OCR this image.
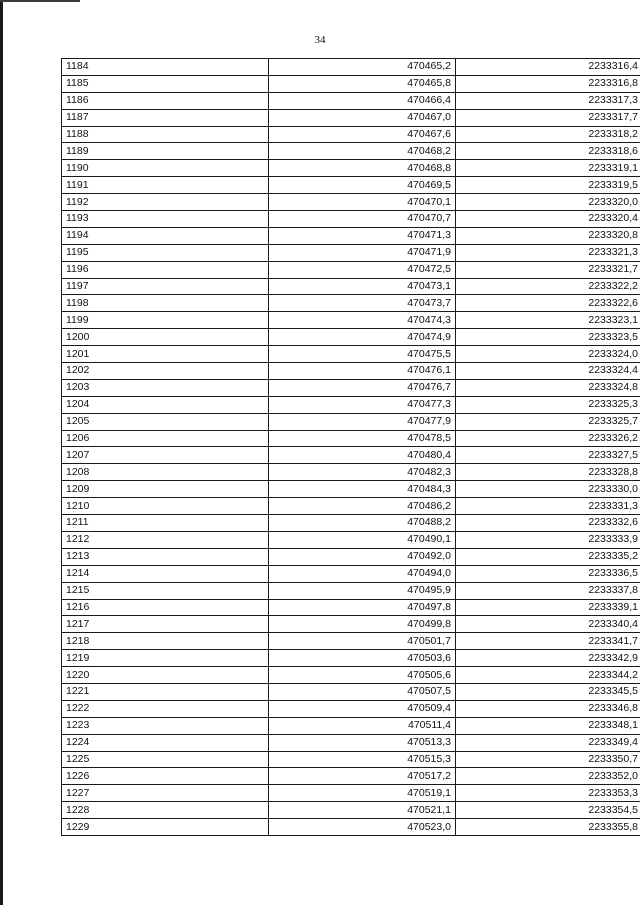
34
1184	470465,2	2233316,4
1185	470465,8	2233316,8
1186	470466,4	2233317,3
1187	470467,0	2233317,7
1188	470467,6	2233318,2
1189	470468,2	2233318,6
1190	470468,8	2233319,1
1191	470469,5	2233319,5
1192	470470,1	2233320,0
1193	470470,7	2233320,4
1194	470471,3	2233320,8
1195	470471,9	2233321,3
1196	470472,5	2233321,7
1197	470473,1	2233322,2
1198	470473,7	2233322,6
1199	470474,3	2233323,1
1200	470474,9	2233323,5
1201	470475,5	2233324,0
1202	470476,1	2233324,4
1203	470476,7	2233324,8
1204	470477,3	2233325,3
1205	470477,9	2233325,7
1206	470478,5	2233326,2
1207	470480,4	2233327,5
1208	470482,3	2233328,8
1209	470484,3	2233330,0
1210	470486,2	2233331,3
1211	470488,2	2233332,6
1212	470490,1	2233333,9
1213	470492,0	2233335,2
1214	470494,0	2233336,5
1215	470495,9	2233337,8
1216	470497,8	2233339,1
1217	470499,8	2233340,4
1218	470501,7	2233341,7
1219	470503,6	2233342,9
1220	470505,6	2233344,2
1221	470507,5	2233345,5
1222	470509,4	2233346,8
1223	470511,4	2233348,1
1224	470513,3	2233349,4
1225	470515,3	2233350,7
1226	470517,2	2233352,0
1227	470519,1	2233353,3
1228	470521,1	2233354,5
1229	470523,0	2233355,8
